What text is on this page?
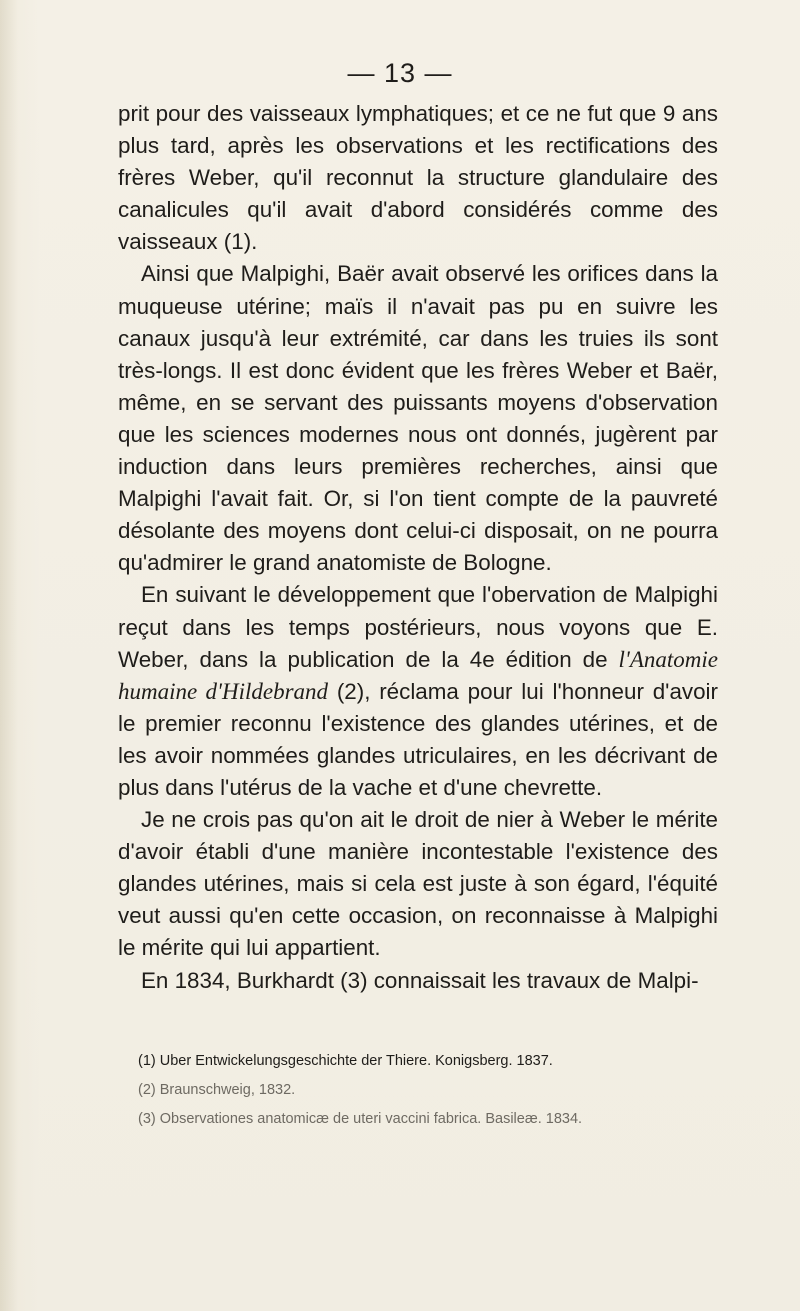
— 13 —

prit pour des vaisseaux lymphatiques; et ce ne fut que 9 ans plus tard, après les observations et les rectifications des frères Weber, qu'il reconnut la structure glandulaire des canalicules qu'il avait d'abord considérés comme des vaisseaux (1).

Ainsi que Malpighi, Baër avait observé les orifices dans la muqueuse utérine; maïs il n'avait pas pu en suivre les canaux jusqu'à leur extrémité, car dans les truies ils sont très-longs. Il est donc évident que les frères Weber et Baër, même, en se servant des puissants moyens d'observation que les sciences modernes nous ont donnés, jugèrent par induction dans leurs premières recherches, ainsi que Malpighi l'avait fait. Or, si l'on tient compte de la pauvreté désolante des moyens dont celui-ci disposait, on ne pourra qu'admirer le grand anatomiste de Bologne.

En suivant le développement que l'obervation de Malpighi reçut dans les temps postérieurs, nous voyons que E. Weber, dans la publication de la 4e édition de l'Anatomie humaine d'Hildebrand (2), réclama pour lui l'honneur d'avoir le premier reconnu l'existence des glandes utérines, et de les avoir nommées glandes utriculaires, en les décrivant de plus dans l'utérus de la vache et d'une chevrette.

Je ne crois pas qu'on ait le droit de nier à Weber le mérite d'avoir établi d'une manière incontestable l'existence des glandes utérines, mais si cela est juste à son égard, l'équité veut aussi qu'en cette occasion, on reconnaisse à Malpighi le mérite qui lui appartient.

En 1834, Burkhardt (3) connaissait les travaux de Malpi-

(1) Uber Entwickelungsgeschichte der Thiere. Konigsberg. 1837.
(2) Braunschweig, 1832.
(3) Observationes anatomicæ de uteri vaccini fabrica. Basileæ. 1834.
